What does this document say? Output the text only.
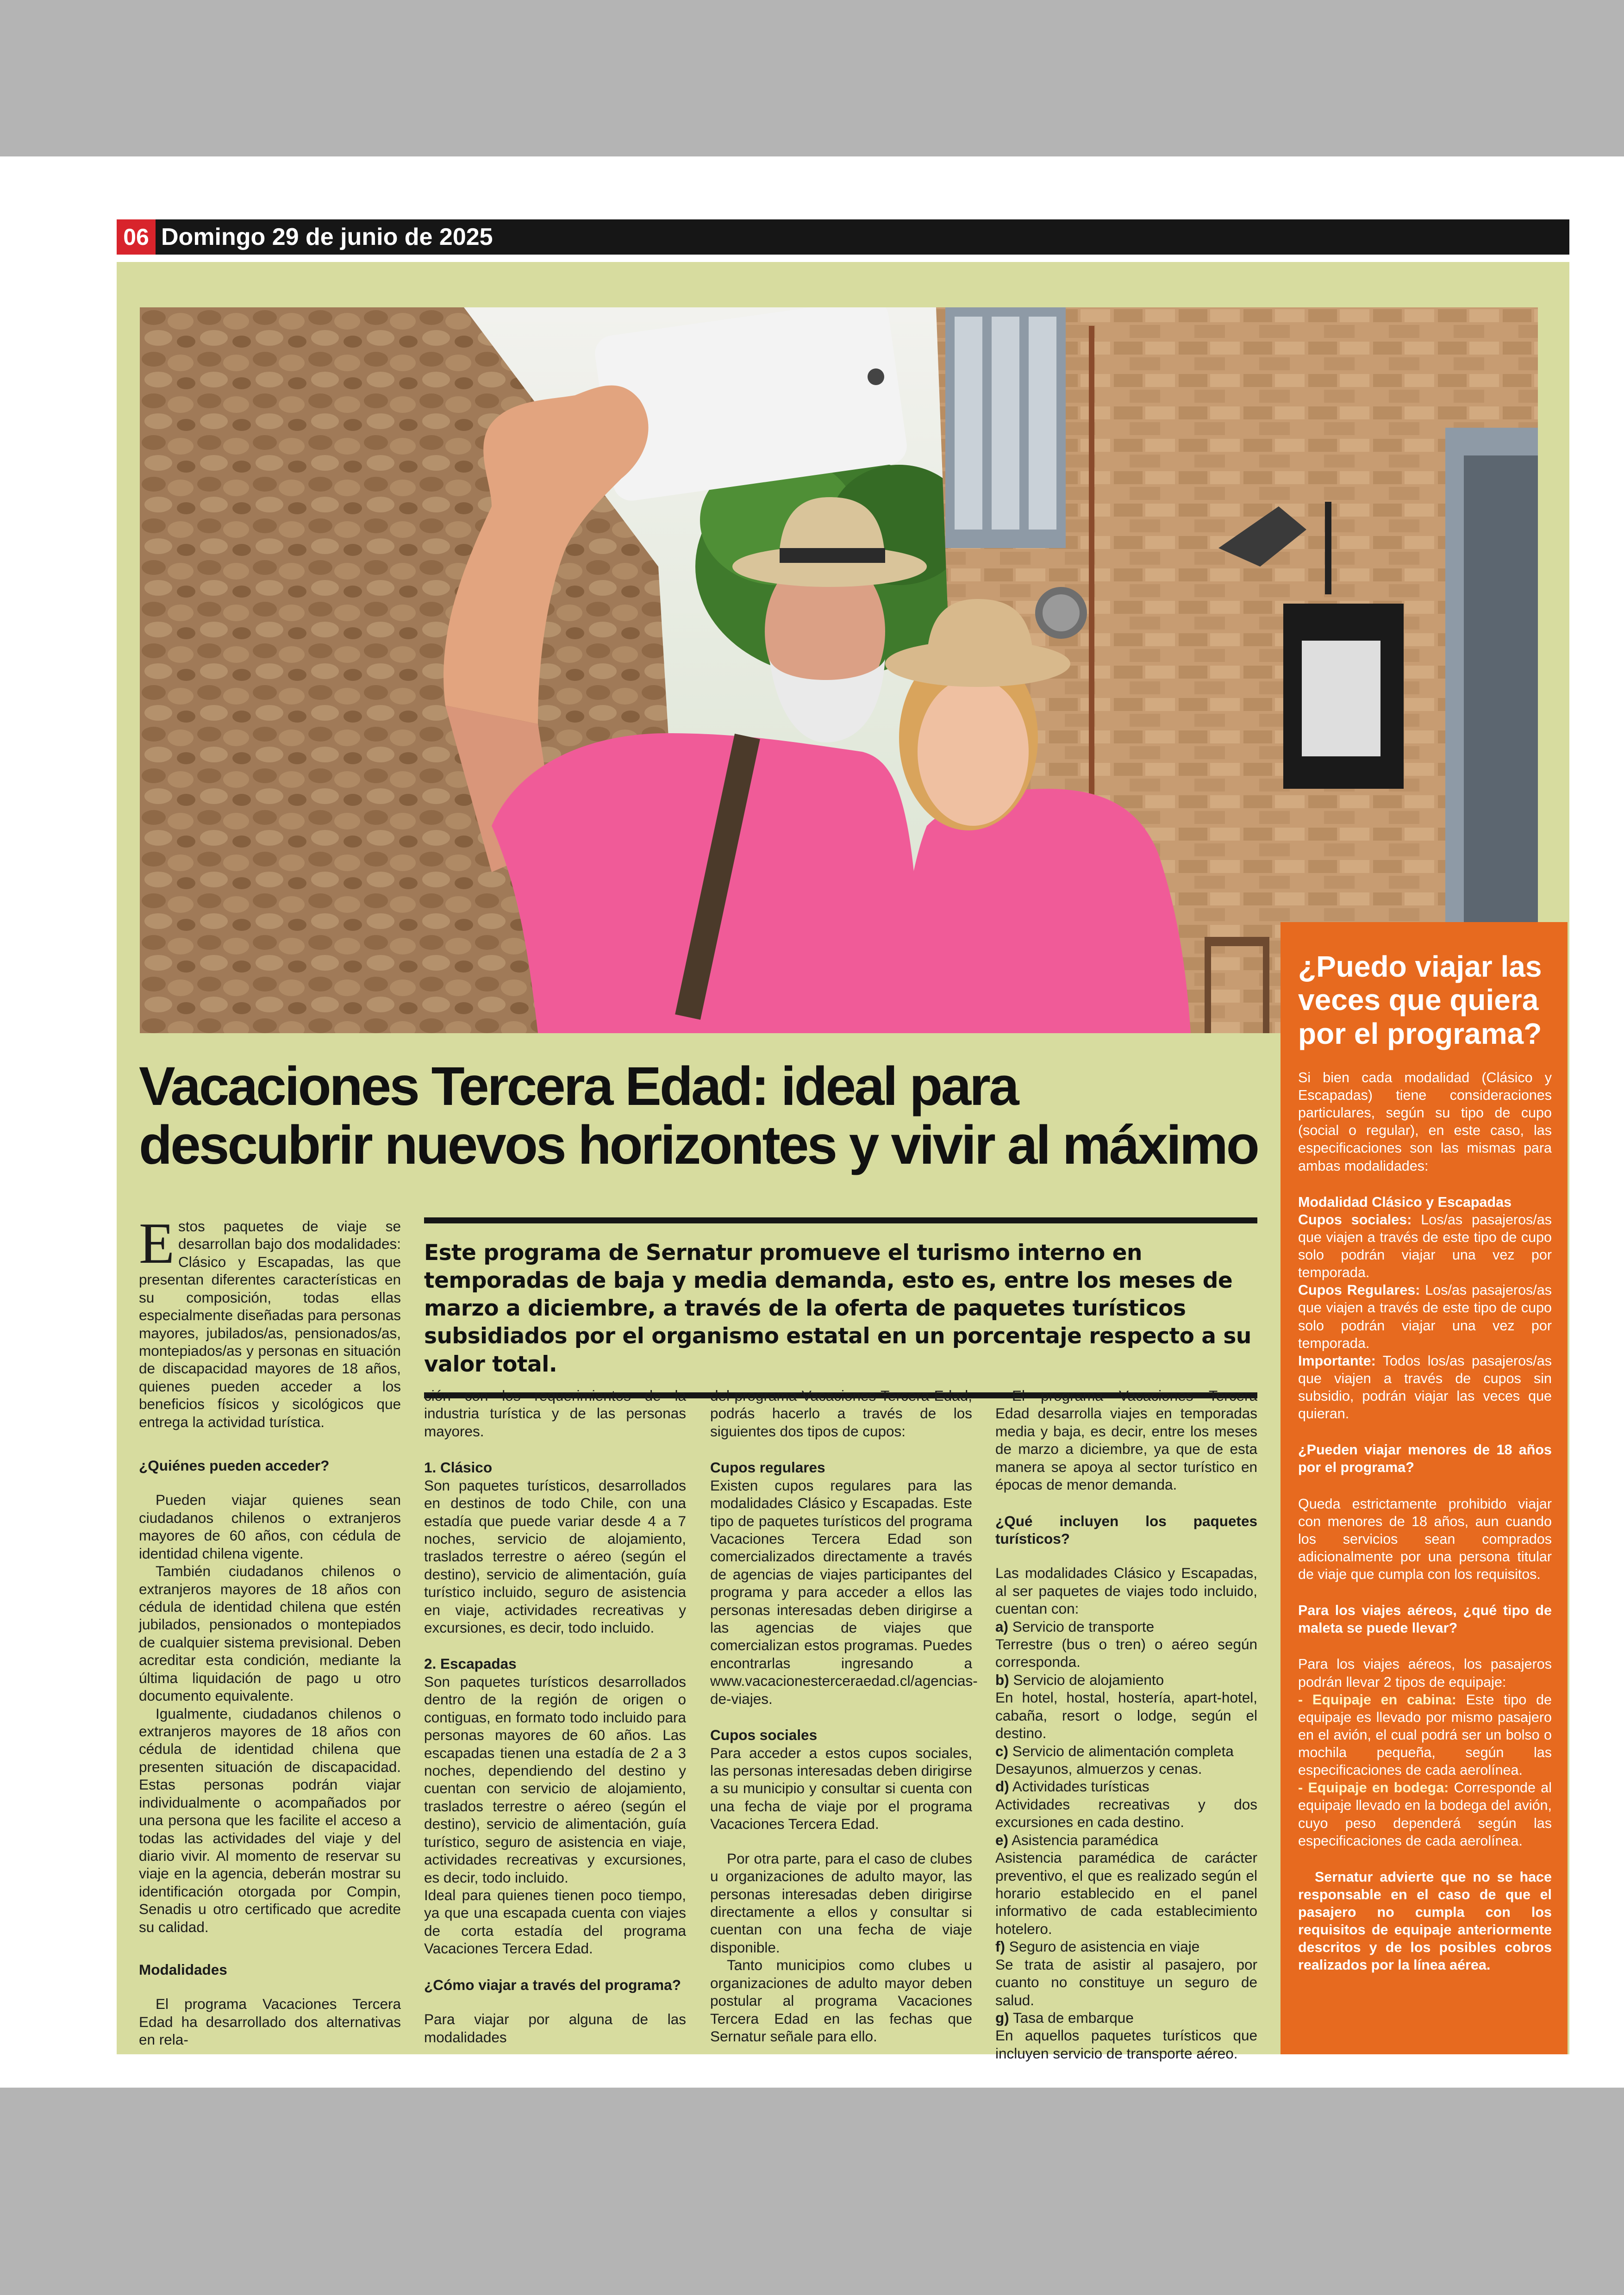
06 Domingo 29 de junio de 2025
¿Puedo viajar las veces que quiera por el programa?

Si bien cada modalidad (Clásico y Escapadas) tiene consideraciones particulares, según su tipo de cupo (social o regular), en este caso, las especificaciones son las mismas para ambas modalidades:

Modalidad Clásico y Escapadas

Cupos sociales: Los/as pasajeros/as que viajen a través de este tipo de cupo solo podrán viajar una vez por temporada.

Cupos Regulares: Los/as pasajeros/as que viajen a través de este tipo de cupo solo podrán viajar una vez por temporada.

Importante: Todos los/as pasajeros/as que viajen a través de cupos sin subsidio, podrán viajar las veces que quieran.

¿Pueden viajar menores de 18 años por el programa?

Queda estrictamente prohibido viajar con menores de 18 años, aun cuando los servicios sean comprados adicionalmente por una persona titular de viaje que cumpla con los requisitos.

Para los viajes aéreos, ¿qué tipo de maleta se puede llevar?

Para los viajes aéreos, los pasajeros podrán llevar 2 tipos de equipaje:

- Equipaje en cabina: Este tipo de equipaje es llevado por mismo pasajero en el avión, el cual podrá ser un bolso o mochila pequeña, según las especificaciones de cada aerolínea.

- Equipaje en bodega: Corresponde al equipaje llevado en la bodega del avión, cuyo peso dependerá según las especificaciones de cada aerolínea.

Sernatur advierte que no se hace responsable en el caso de que el pasajero no cumpla con los requisitos de equipaje anteriormente descritos y de los posibles cobros realizados por la línea aérea.

Vacaciones Tercera Edad: ideal para
descubrir nuevos horizontes y vivir al máximo
Este programa de Sernatur promueve el turismo interno en temporadas de baja y media demanda, esto es, entre los meses de marzo a diciembre, a través de la oferta de paquetes turísticos subsidiados por el organismo estatal en un porcentaje respecto a su valor total.

Estos paquetes de viaje se desarrollan bajo dos modalidades: Clásico y Escapadas, las que presentan diferentes características en su composición, todas ellas especialmente diseñadas para personas mayores, jubilados/as, pensionados/as, montepiados/as y personas en situación de discapacidad mayores de 18 años, quienes pueden acceder a los beneficios físicos y sicológicos que entrega la actividad turística.

¿Quiénes pueden acceder?

Pueden viajar quienes sean ciudadanos chilenos o extranjeros mayores de 60 años, con cédula de identidad chilena vigente.

También ciudadanos chilenos o extranjeros mayores de 18 años con cédula de identidad chilena que estén jubilados, pensionados o montepiados de cualquier sistema previsional. Deben acreditar esta condición, mediante la última liquidación de pago u otro documento equivalente.

Igualmente, ciudadanos chilenos o extranjeros mayores de 18 años con cédula de identidad chilena que presenten situación de discapacidad. Estas personas podrán viajar individualmente o acompañados por una persona que les facilite el acceso a todas las actividades del viaje y del diario vivir. Al momento de reservar su viaje en la agencia, deberán mostrar su identificación otorgada por Compin, Senadis u otro certificado que acredite su calidad.

Modalidades

El programa Vacaciones Tercera Edad ha desarrollado dos alternativas en rela-

ción con los requerimientos de la industria turística y de las personas mayores.

1. Clásico

Son paquetes turísticos, desarrollados en destinos de todo Chile, con una estadía que puede variar desde 4 a 7 noches, servicio de alojamiento, traslados terrestre o aéreo (según el destino), servicio de alimentación, guía turístico incluido, seguro de asistencia en viaje, actividades recreativas y excursiones, es decir, todo incluido.

2. Escapadas

Son paquetes turísticos desarrollados dentro de la región de origen o contiguas, en formato todo incluido para personas mayores de 60 años. Las escapadas tienen una estadía de 2 a 3 noches, dependiendo del destino y cuentan con servicio de alojamiento, traslados terrestre o aéreo (según el destino), servicio de alimentación, guía turístico, seguro de asistencia en viaje, actividades recreativas y excursiones, es decir, todo incluido.

Ideal para quienes tienen poco tiempo, ya que una escapada cuenta con viajes de corta estadía del programa Vacaciones Tercera Edad.

¿Cómo viajar a través del programa?

Para viajar por alguna de las modalidades

del programa Vacaciones Tercera Edad, podrás hacerlo a través de los siguientes dos tipos de cupos:

Cupos regulares

Existen cupos regulares para las modalidades Clásico y Escapadas. Este tipo de paquetes turísticos del programa Vacaciones Tercera Edad son comercializados directamente a través de agencias de viajes participantes del programa y para acceder a ellos las personas interesadas deben dirigirse a las agencias de viajes que comercializan estos programas. Puedes encontrarlas ingresando a www.vacacionesterceraedad.cl/agencias-de-viajes.

Cupos sociales

Para acceder a estos cupos sociales, las personas interesadas deben dirigirse a su municipio y consultar si cuenta con una fecha de viaje por el programa Vacaciones Tercera Edad.

Por otra parte, para el caso de clubes u organizaciones de adulto mayor, las personas interesadas deben dirigirse directamente a ellos y consultar si cuentan con una fecha de viaje disponible.

Tanto municipios como clubes u organizaciones de adulto mayor deben postular al programa Vacaciones Tercera Edad en las fechas que Sernatur señale para ello.

El programa Vacaciones Tercera Edad desarrolla viajes en temporadas media y baja, es decir, entre los meses de marzo a diciembre, ya que de esta manera se apoya al sector turístico en épocas de menor demanda.

¿Qué incluyen los paquetes turísticos?

Las modalidades Clásico y Escapadas, al ser paquetes de viajes todo incluido, cuentan con:

a) Servicio de transporte

Terrestre (bus o tren) o aéreo según corresponda.

b) Servicio de alojamiento

En hotel, hostal, hostería, apart-hotel, cabaña, resort o lodge, según el destino.

c) Servicio de alimentación completa

Desayunos, almuerzos y cenas.

d) Actividades turísticas

Actividades recreativas y dos excursiones en cada destino.

e) Asistencia paramédica

Asistencia paramédica de carácter preventivo, el que es realizado según el horario establecido en el panel informativo de cada establecimiento hotelero.

f) Seguro de asistencia en viaje

Se trata de asistir al pasajero, por cuanto no constituye un seguro de salud.

g) Tasa de embarque

En aquellos paquetes turísticos que incluyen servicio de transporte aéreo.
